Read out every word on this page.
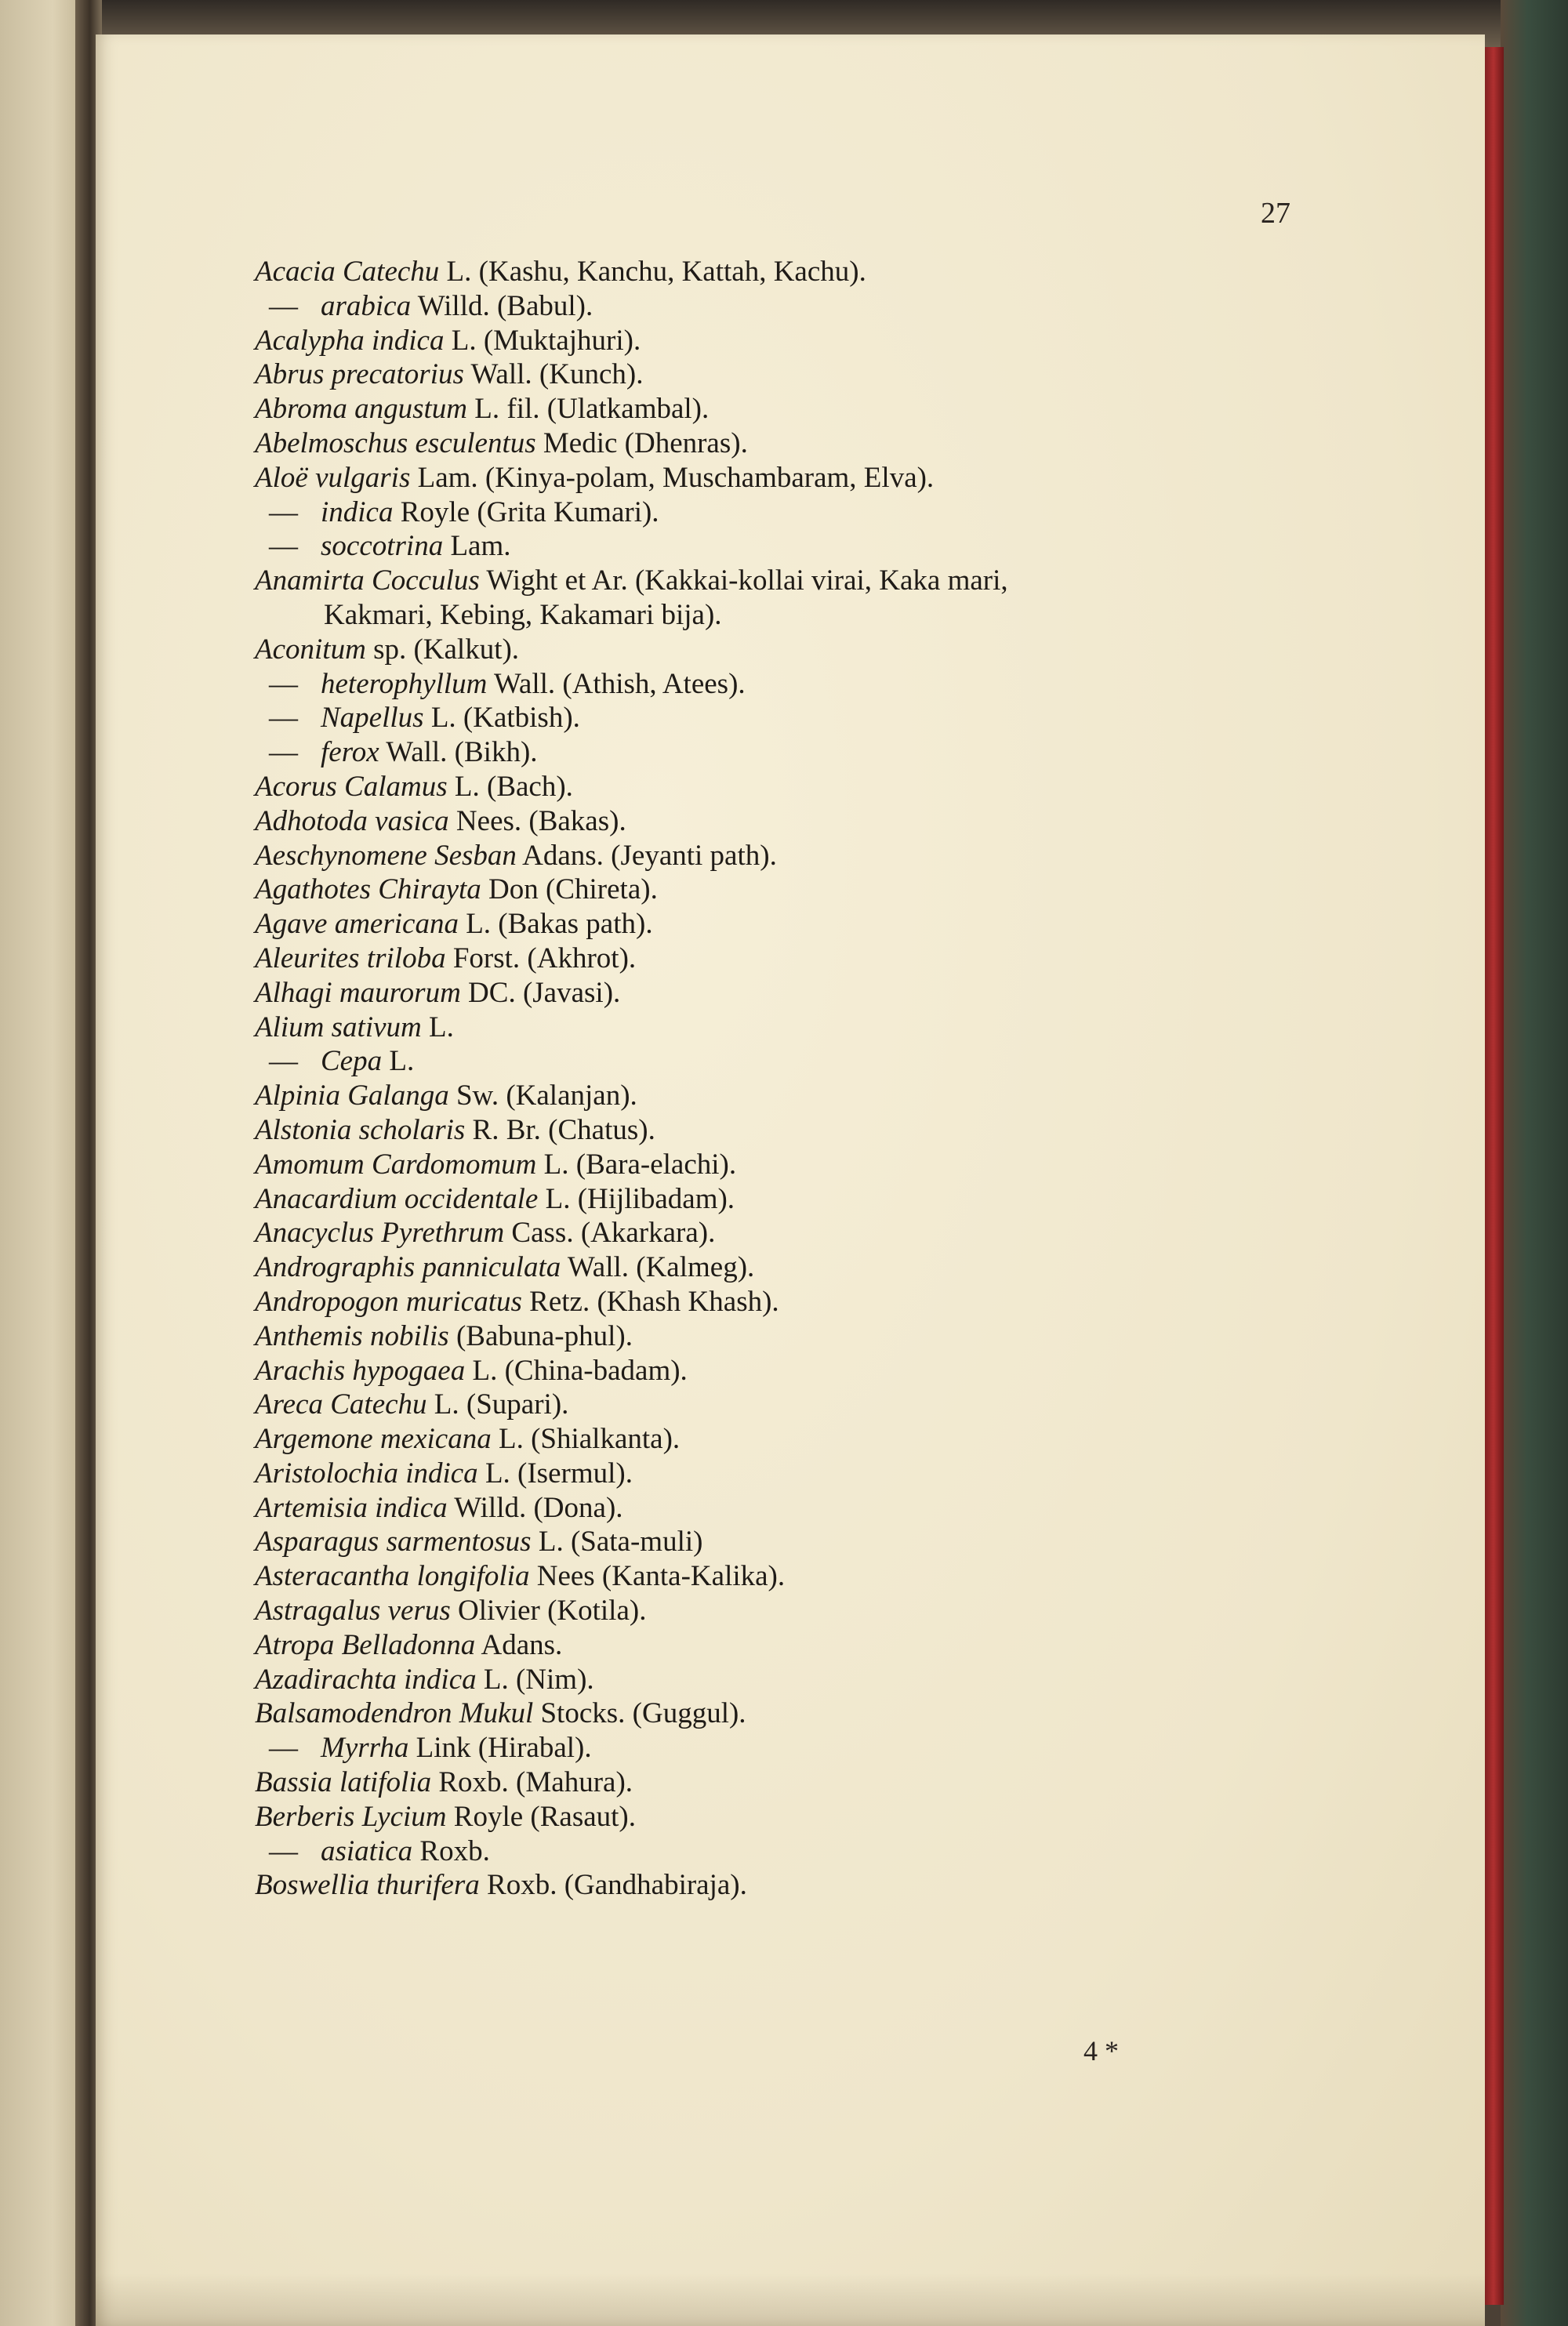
27
Acacia Catechu L. (Kashu, Kanchu, Kattah, Kachu).
— arabica Willd. (Babul).
Acalypha indica L. (Muktajhuri).
Abrus precatorius Wall. (Kunch).
Abroma angustum L. fil. (Ulatkambal).
Abelmoschus esculentus Medic (Dhenras).
Aloë vulgaris Lam. (Kinya-polam, Muschambaram, Elva).
— indica Royle (Grita Kumari).
— soccotrina Lam.
Anamirta Cocculus Wight et Ar. (Kakkai-kollai virai, Kaka mari,
Kakmari, Kebing, Kakamari bija).
Aconitum sp. (Kalkut).
— heterophyllum Wall. (Athish, Atees).
— Napellus L. (Katbish).
— ferox Wall. (Bikh).
Acorus Calamus L. (Bach).
Adhotoda vasica Nees. (Bakas).
Aeschynomene Sesban Adans. (Jeyanti path).
Agathotes Chirayta Don (Chireta).
Agave americana L. (Bakas path).
Aleurites triloba Forst. (Akhrot).
Alhagi maurorum DC. (Javasi).
Alium sativum L.
— Cepa L.
Alpinia Galanga Sw. (Kalanjan).
Alstonia scholaris R. Br. (Chatus).
Amomum Cardomomum L. (Bara-elachi).
Anacardium occidentale L. (Hijlibadam).
Anacyclus Pyrethrum Cass. (Akarkara).
Andrographis panniculata Wall. (Kalmeg).
Andropogon muricatus Retz. (Khash Khash).
Anthemis nobilis (Babuna-phul).
Arachis hypogaea L. (China-badam).
Areca Catechu L. (Supari).
Argemone mexicana L. (Shialkanta).
Aristolochia indica L. (Isermul).
Artemisia indica Willd. (Dona).
Asparagus sarmentosus L. (Sata-muli)
Asteracantha longifolia Nees (Kanta-Kalika).
Astragalus verus Olivier (Kotila).
Atropa Belladonna Adans.
Azadirachta indica L. (Nim).
Balsamodendron Mukul Stocks. (Guggul).
— Myrrha Link (Hirabal).
Bassia latifolia Roxb. (Mahura).
Berberis Lycium Royle (Rasaut).
— asiatica Roxb.
Boswellia thurifera Roxb. (Gandhabiraja).
4 *
